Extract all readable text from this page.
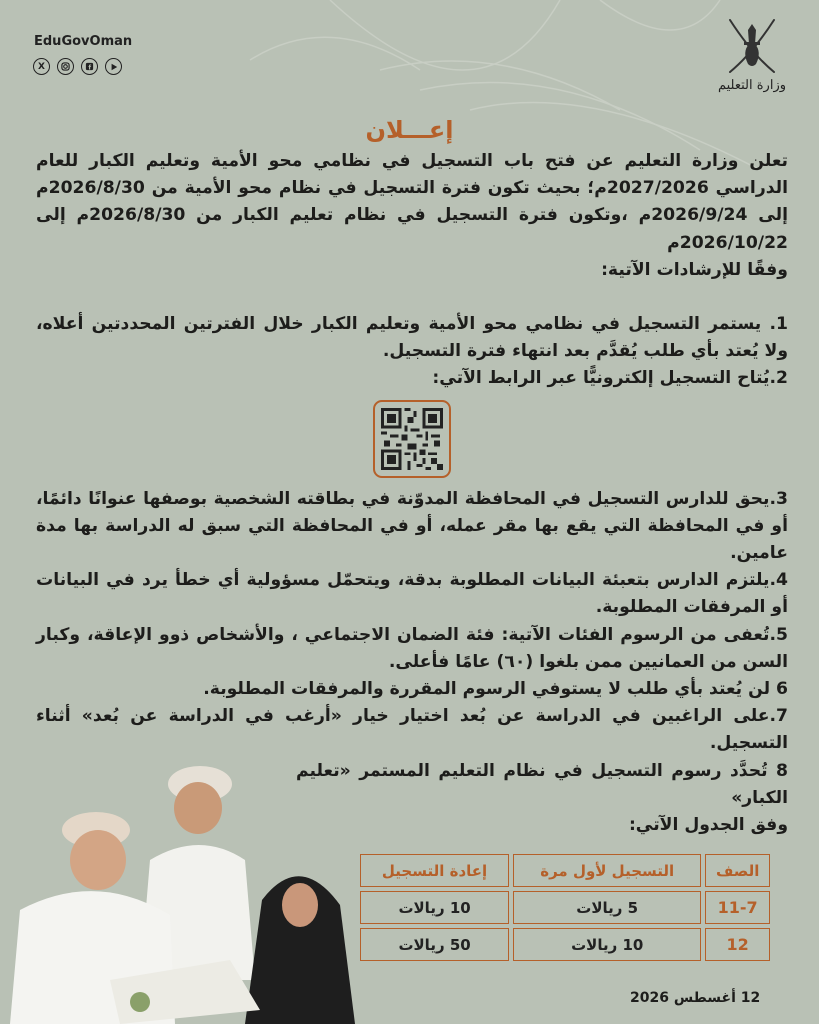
EduGovOman
X	f
وزارة التعليم
إعـــلان

تعلن وزارة التعليم عن فتح باب التسجيل في نظامي محو الأمية وتعليم الكبار للعام الدراسي 2027/2026م؛ بحيث تكون فترة التسجيل في نظام محو الأمية من 2026/8/30م إلى 2026/9/24م ،وتكون فترة التسجيل في نظام تعليم الكبار من 2026/8/30م إلى 2026/10/22م

وفقًا للإرشادات الآتية:

1. يستمر التسجيل في نظامي محو الأمية وتعليم الكبار خلال الفترتين المحددتين أعلاه، ولا يُعتد بأي طلب يُقدَّم بعد انتهاء فترة التسجيل.

2.يُتاح التسجيل إلكترونيًّا عبر الرابط الآتي:

3.يحق للدارس التسجيل في المحافظة المدوّنة في بطاقته الشخصية بوصفها عنوانًا دائمًا، أو في المحافظة التي يقع بها مقر عمله، أو في المحافظة التي سبق له الدراسة بها مدة عامين.

4.يلتزم الدارس بتعبئة البيانات المطلوبة بدقة، ويتحمّل مسؤولية أي خطأ يرد في البيانات أو المرفقات المطلوبة.

5.تُعفى من الرسوم الفئات الآتية: فئة الضمان الاجتماعي ، والأشخاص ذوو الإعاقة، وكبار السن من العمانيين ممن بلغوا (٦٠) عامًا فأعلى.

6 لن يُعتد بأي طلب لا يستوفي الرسوم المقررة والمرفقات المطلوبة.

7.على الراغبين في الدراسة عن بُعد اختيار خيار «أرغب في الدراسة عن بُعد» أثناء التسجيل.

8 تُحدَّد رسوم التسجيل في نظام التعليم المستمر «تعليم الكبار»

وفق الجدول الآتي:

الصف	التسجيل لأول مرة	إعادة التسجيل
11-7	5 ريالات	10 ريالات
12	10 ريالات	50 ريالات
12 أغسطس 2026
